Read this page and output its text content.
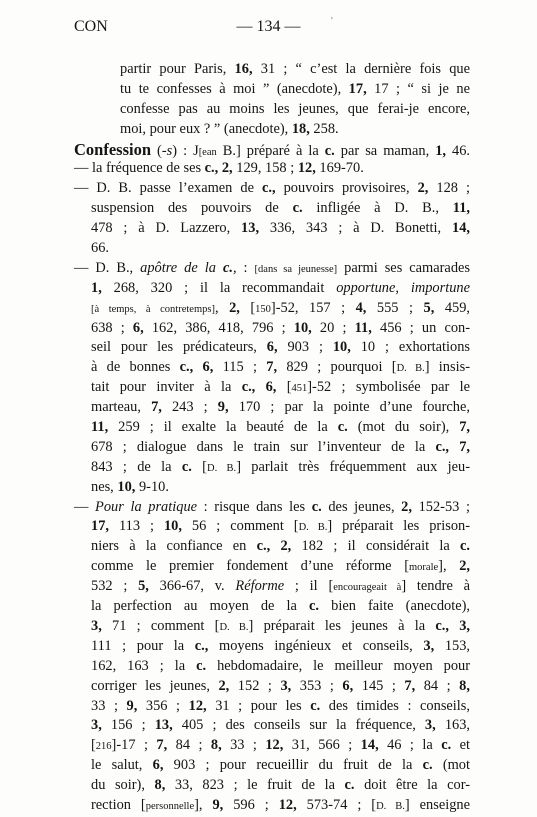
CON	— 134 —	'
partir pour Paris, 16, 31 ; “ c’est la dernière fois que
tu te confesses à moi ” (anecdote), 17, 17 ; “ si je ne
confesse pas au moins les jeunes, que ferai-je encore,
moi, pour eux ? ” (anecdote), 18, 258.
Confession (-s) : J[ean B.] préparé à la c. par sa maman, 1, 46.
— la fréquence de ses c., 2, 129, 158 ; 12, 169-70.
— D. B. passe l’examen de c., pouvoirs provisoires, 2, 128 ;
suspension des pouvoirs de c. infligée à D. B., 11,
478 ; à D. Lazzero, 13, 336, 343 ; à D. Bonetti, 14,
66.
— D. B., apôtre de la c., : [dans sa jeunesse] parmi ses camarades
1, 268, 320 ; il la recommandait opportune, importune
[à temps, à contretemps], 2, [150]-52, 157 ; 4, 555 ; 5, 459,
638 ; 6, 162, 386, 418, 796 ; 10, 20 ; 11, 456 ; un con-
seil pour les prédicateurs, 6, 903 ; 10, 10 ; exhortations
à de bonnes c., 6, 115 ; 7, 829 ; pourquoi [D. B.] insis-
tait pour inviter à la c., 6, [451]-52 ; symbolisée par le
marteau, 7, 243 ; 9, 170 ; par la pointe d’une fourche,
11, 259 ; il exalte la beauté de la c. (mot du soir), 7,
678 ; dialogue dans le train sur l’inventeur de la c., 7,
843 ; de la c. [D. B.] parlait très fréquemment aux jeu-
nes, 10, 9-10.
— Pour la pratique : risque dans les c. des jeunes, 2, 152-53 ;
17, 113 ; 10, 56 ; comment [D. B.] préparait les prison-
niers à la confiance en c., 2, 182 ; il considérait la c.
comme le premier fondement d’une réforme [morale], 2,
532 ; 5, 366-67, v. Réforme ; il [encourageait à] tendre à
la perfection au moyen de la c. bien faite (anecdote),
3, 71 ; comment [D. B.] préparait les jeunes à la c., 3,
111 ; pour la c., moyens ingénieux et conseils, 3, 153,
162, 163 ; la c. hebdomadaire, le meilleur moyen pour
corriger les jeunes, 2, 152 ; 3, 353 ; 6, 145 ; 7, 84 ; 8,
33 ; 9, 356 ; 12, 31 ; pour les c. des timides : conseils,
3, 156 ; 13, 405 ; des conseils sur la fréquence, 3, 163,
[216]-17 ; 7, 84 ; 8, 33 ; 12, 31, 566 ; 14, 46 ; la c. et
le salut, 6, 903 ; pour recueillir du fruit de la c. (mot
du soir), 8, 33, 823 ; le fruit de la c. doit être la cor-
rection [personnelle], 9, 596 ; 12, 573-74 ; [D. B.] enseigne
